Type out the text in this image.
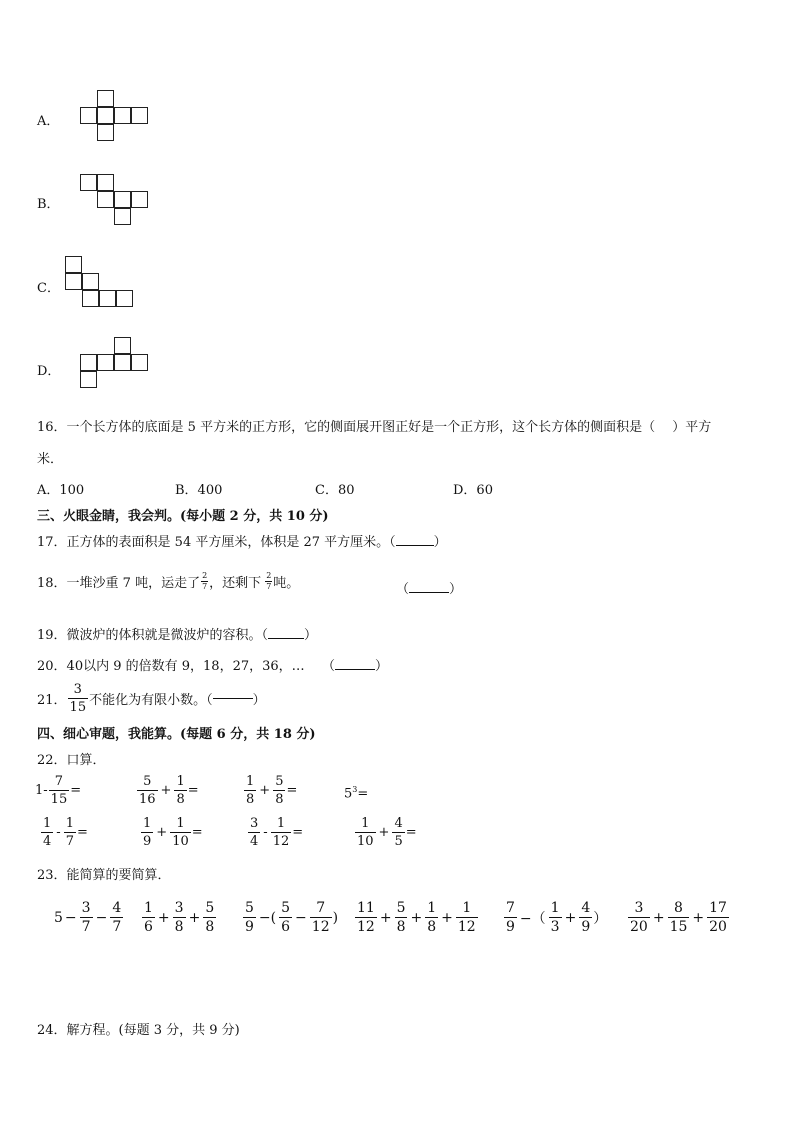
A．
B．
C．
D．
16．一个长方体的底面是 5 平方米的正方形，它的侧面展开图正好是一个正方形，这个长方体的侧面积是（　 ）平方
米．
A．100	B．400	C．80	D．60
三、火眼金睛，我会判。(每小题 2 分，共 10 分)
17．正方体的表面积是 54 平方厘米，体积是 27 平方厘米。（	）
18．一堆沙重 7 吨，运走了 $\frac{2}{7}$ ，还剩下 $\frac{2}{7}$ 吨。	（	）
19．微波炉的体积就是微波炉的容积。（	）
20．40以内 9 的倍数有 9，18，27，36，… （	）
21． $\frac{3}{15}$ 不能化为有限小数。（	）
四、细心审题，我能算。(每题 6 分，共 18 分)
22．口算．
$1- \frac{7}{15}$ =	$\frac{5}{16} + \frac{1}{8}$ =	$\frac{1}{8} + \frac{5}{8}$ =	$5^3=$
$\frac{1}{4} - \frac{1}{7}$ =	$\frac{1}{9} + \frac{1}{10}$ =	$\frac{3}{4} - \frac{1}{12}$ =	$\frac{1}{10} + \frac{4}{5}$ =
23．能简算的要简算．
$5 - \frac{3}{7} - \frac{4}{7} \frac{1}{6} + \frac{3}{8} + \frac{5}{8} \frac{5}{9}$ −( $\frac{5}{6} - \frac{7}{12}$ ) $\frac{11}{12} + \frac{5}{8} + \frac{1}{8} + \frac{1}{12} \frac{7}{9}$ −（ $\frac{1}{3} + \frac{4}{9}$ ） $\frac{3}{20} + \frac{8}{15} + \frac{17}{20}$
24．解方程。(每题 3 分，共 9 分)
